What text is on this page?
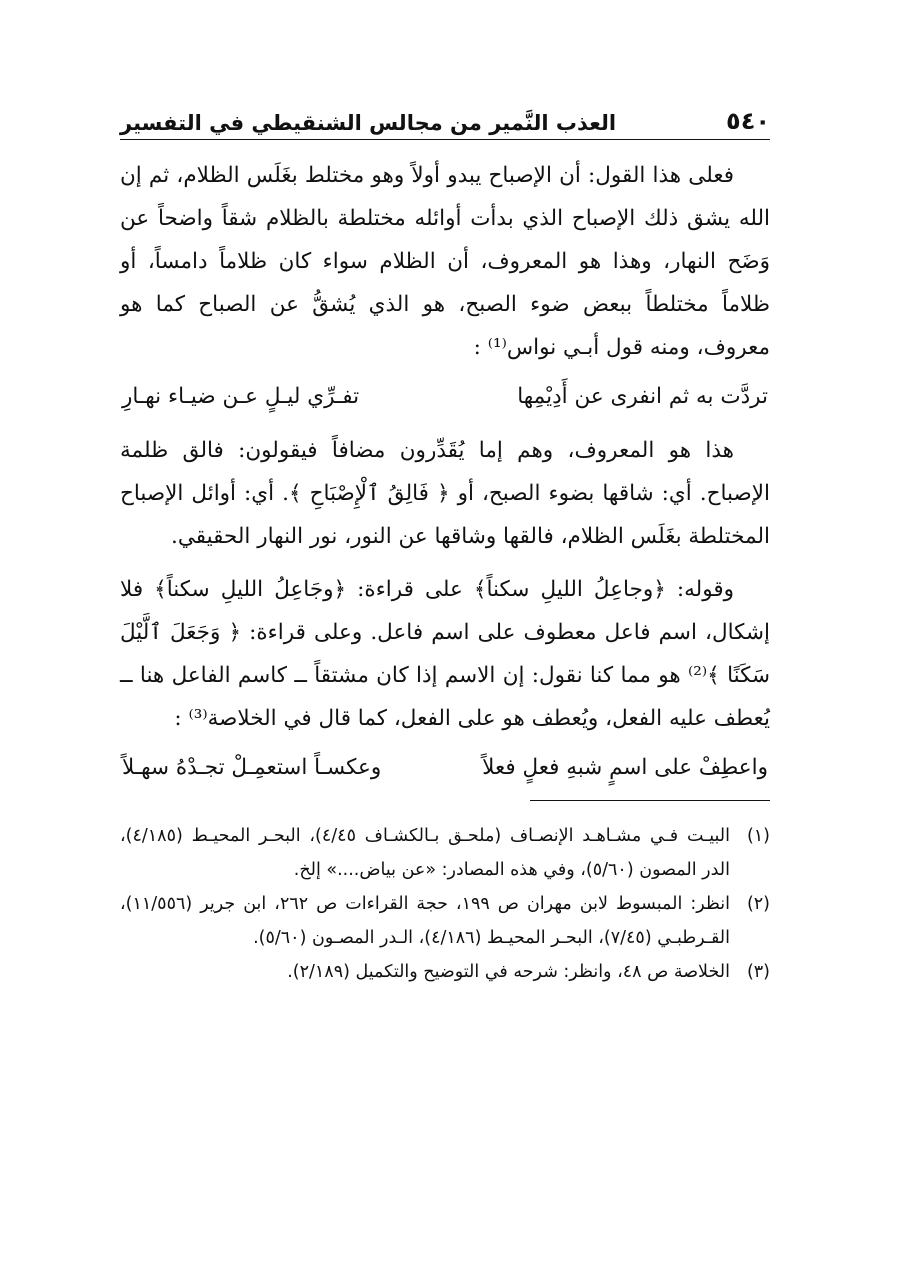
٥٤٠
العذب النَّمير من مجالس الشنقيطي في التفسير

فعلى هذا القول: أن الإصباح يبدو أولاً وهو مختلط بغَلَس الظلام، ثم إن الله يشق ذلك الإصباح الذي بدأت أوائله مختلطة بالظلام شقاً واضحاً عن وَضَح النهار، وهذا هو المعروف، أن الظلام سواء كان ظلاماً دامساً، أو ظلاماً مختلطاً ببعض ضوء الصبح، هو الذي يُشقُّ عن الصباح كما هو معروف، ومنه قول أبـي نواس⁽¹⁾ :

تردَّت به ثم انفرى عن أَدِيْمِها
تفـرِّي ليـلٍ عـن ضيـاء نهـارِ

هذا هو المعروف، وهم إما يُقَدِّرون مضافاً فيقولون: فالق ظلمة الإصباح. أي: شاقها بضوء الصبح، أو ﴿ فَالِقُ ٱلْإِصْبَاحِ ﴾. أي: أوائل الإصباح المختلطة بغَلَس الظلام، فالقها وشاقها عن النور، نور النهار الحقيقي.

وقوله: ﴿وجاعِلُ الليلِ سكناً﴾ على قراءة: ﴿وجَاعِلُ الليلِ سكناً﴾ فلا إشكال، اسم فاعل معطوف على اسم فاعل. وعلى قراءة: ﴿ وَجَعَلَ ٱلَّيْلَ سَكَنًا ﴾⁽²⁾ هو مما كنا نقول: إن الاسم إذا كان مشتقاً ــ كاسم الفاعل هنا ــ يُعطف عليه الفعل، ويُعطف هو على الفعل، كما قال في الخلاصة⁽³⁾ :

واعطِفْ على اسمٍ شبهِ فعلٍ فعلاً
وعكسـاً استعمِـلْ تجـدْهُ سهـلاً
(١)
البيـت فـي مشـاهـد الإنصـاف (ملحـق بـالكشـاف ٤/٤٥)، البحـر المحيـط (٤/١٨٥)، الدر المصون (٥/٦٠)، وفي هذه المصادر: «عن بياض....» إلخ.
(٢)
انظر: المبسوط لابن مهران ص ١٩٩، حجة القراءات ص ٢٦٢، ابن جرير (١١/٥٥٦)، القـرطبـي (٧/٤٥)، البحـر المحيـط (٤/١٨٦)، الـدر المصـون (٥/٦٠).
(٣)
الخلاصة ص ٤٨، وانظر: شرحه في التوضيح والتكميل (٢/١٨٩).
